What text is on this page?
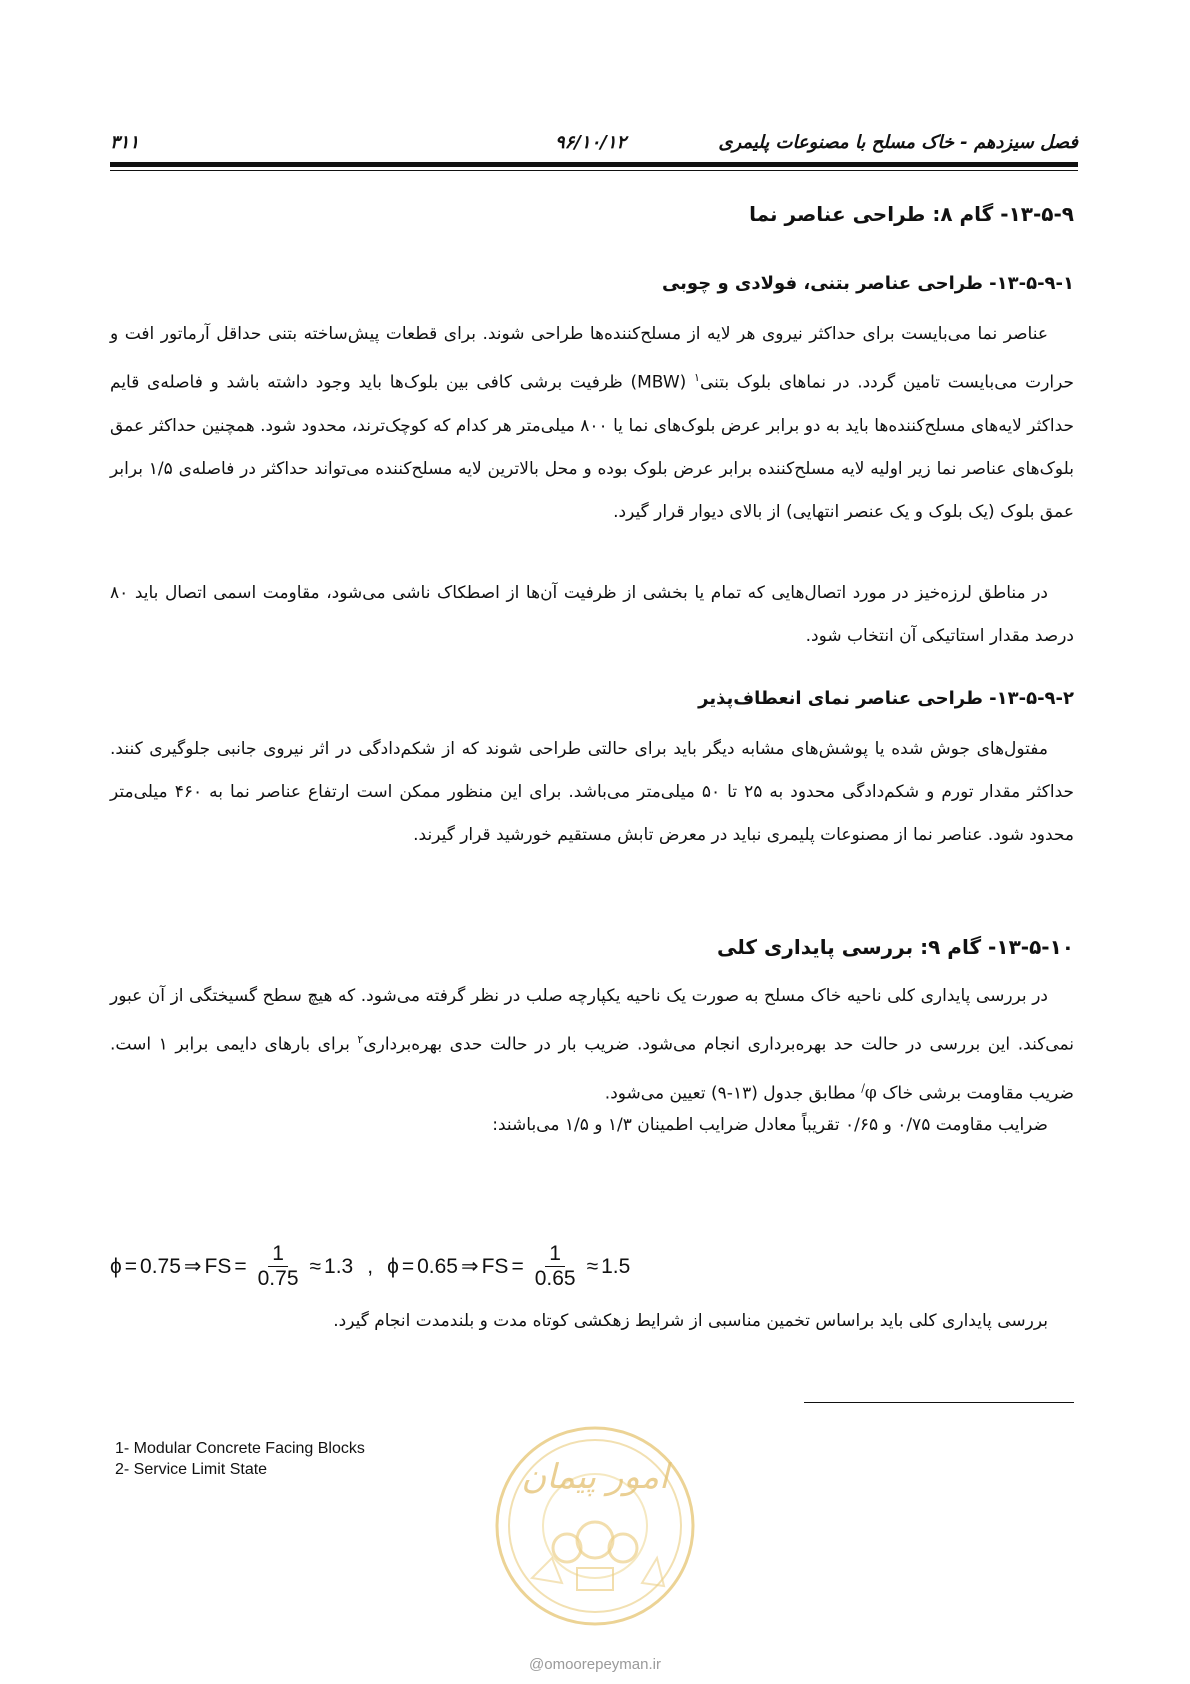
فصل سیزدهم - خاک مسلح با مصنوعات پلیمری
۹۶/۱۰/۱۲
۳۱۱
۱۳-۵-۹- گام ۸: طراحی عناصر نما
۱۳-۵-۹-۱- طراحی عناصر بتنی، فولادی و چوبی
عناصر نما می‌بایست برای حداکثر نیروی هر لایه از مسلح‌کننده‌ها طراحی شوند. برای قطعات پیش‌ساخته بتنی حداقل آرماتور افت و حرارت می‌بایست تامین گردد. در نماهای بلوک بتنی$^۱$ (MBW) ظرفیت برشی کافی بین بلوک‌ها باید وجود داشته باشد و فاصله‌ی قایم حداکثر لایه‌های مسلح‌کننده‌ها باید به دو برابر عرض بلوک‌های نما یا ۸۰۰ میلی‌متر هر کدام که کوچک‌ترند، محدود شود. همچنین حداکثر عمق بلوک‌های عناصر نما زیر اولیه لایه مسلح‌کننده برابر عرض بلوک بوده و محل بالاترین لایه مسلح‌کننده می‌تواند حداکثر در فاصله‌ی ۱/۵ برابر عمق بلوک (یک بلوک و یک عنصر انتهایی) از بالای دیوار قرار گیرد.
در مناطق لرزه‌خیز در مورد اتصال‌هایی که تمام یا بخشی از ظرفیت آن‌ها از اصطکاک ناشی می‌شود، مقاومت اسمی اتصال باید ۸۰ درصد مقدار استاتیکی آن انتخاب شود.
۱۳-۵-۹-۲- طراحی عناصر نمای انعطاف‌پذیر
مفتول‌های جوش شده یا پوشش‌های مشابه دیگر باید برای حالتی طراحی شوند که از شکم‌دادگی در اثر نیروی جانبی جلوگیری کنند. حداکثر مقدار تورم و شکم‌دادگی محدود به ۲۵ تا ۵۰ میلی‌متر می‌باشد. برای این منظور ممکن است ارتفاع عناصر نما به ۴۶۰ میلی‌متر محدود شود. عناصر نما از مصنوعات پلیمری نباید در معرض تابش مستقیم خورشید قرار گیرند.
۱۳-۵-۱۰- گام ۹: بررسی پایداری کلی
در بررسی پایداری کلی ناحیه خاک مسلح به صورت یک ناحیه یکپارچه صلب در نظر گرفته می‌شود. که هیچ سطح گسیختگی از آن عبور نمی‌کند. این بررسی در حالت حد بهره‌برداری انجام می‌شود. ضریب بار در حالت حدی بهره‌برداری$^۲$ برای بارهای دایمی برابر ۱ است. ضریب مقاومت برشی خاک φ/ مطابق جدول (۱۳-۹) تعیین می‌شود.
ضرایب مقاومت ۰/۷۵ و ۰/۶۵ تقریباً معادل ضرایب اطمینان ۱/۳ و ۱/۵ می‌باشند:
ϕ = 0.75 ⇒ FS = $\frac{1}{0.75} \approx 1.3$ , ϕ = 0.65 ⇒ FS = $\frac{1}{0.65} \approx 1.5$
بررسی پایداری کلی باید براساس تخمین مناسبی از شرایط زهکشی کوتاه مدت و بلندمدت انجام گیرد.
1- Modular Concrete Facing Blocks
2- Service Limit State	امور پیمان
@omoorepeyman.ir
